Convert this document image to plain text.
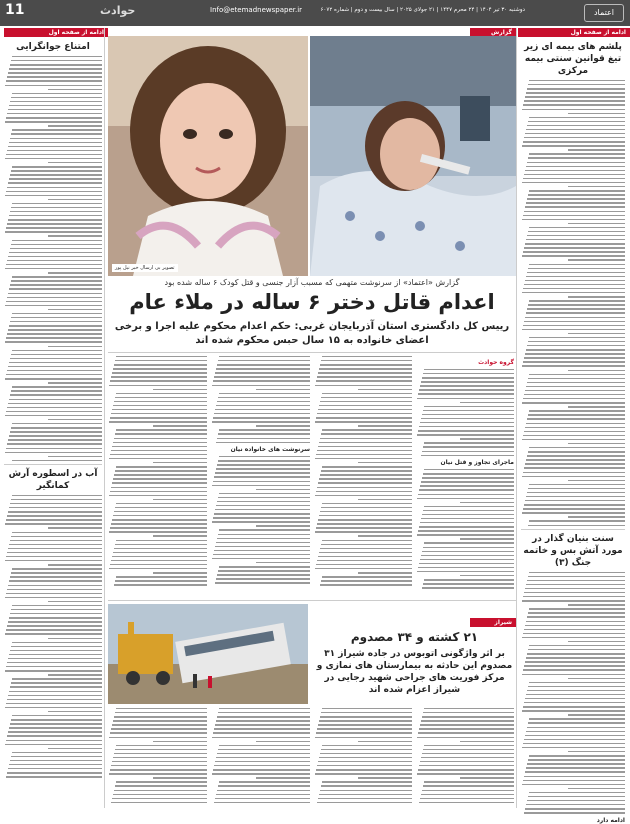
11	حوادث	Info@etemadnewspaper.ir	دوشنبه ۳۰ تیر ۱۴۰۴ | ۲۴ محرم ۱۴۴۷ | ۲۱ جولای ۲۰۲۵ | سال بیست و دوم | شماره ۶۰۷۲	اعتماد
ادامه از صفحه اول
ادامه از صفحه اول	گزارش
پلشم های بیمه ای زیر تیغ قوانین سنتی بیمه مرکزی
سنت بنیان گذار در مورد آتش بس و خاتمه جنگ (۳)
ادامه دارد
امتناع جوانگرایی
آب در اسطوره آرش کمانگیر
تصویر بی ارسال خبر نیل پور
گزارش «اعتماد» از سرنوشت متهمی که مسبب آزار جنسی و قتل کودک ۶ ساله شده بود
اعدام قاتل دختر ۶ ساله در ملاء عام
رییس کل دادگستری استان آذربایجان غربی: حکم اعدام محکوم علیه اجرا و برخی اعضای خانواده به ۱۵ سال حبس محکوم شده اند
گروه حوادث
ماجرای تجاوز و قتل نیان
سرنوشت های خانواده نیان
شیراز
۲۱ کشته و ۳۴ مصدوم
بر اثر واژگونی اتوبوس در جاده شیراز ۳۱ مصدوم این حادثه به بیمارستان های نمازی و مرکز فوریت های جراحی شهید رجایی در شیراز اعزام شده اند
